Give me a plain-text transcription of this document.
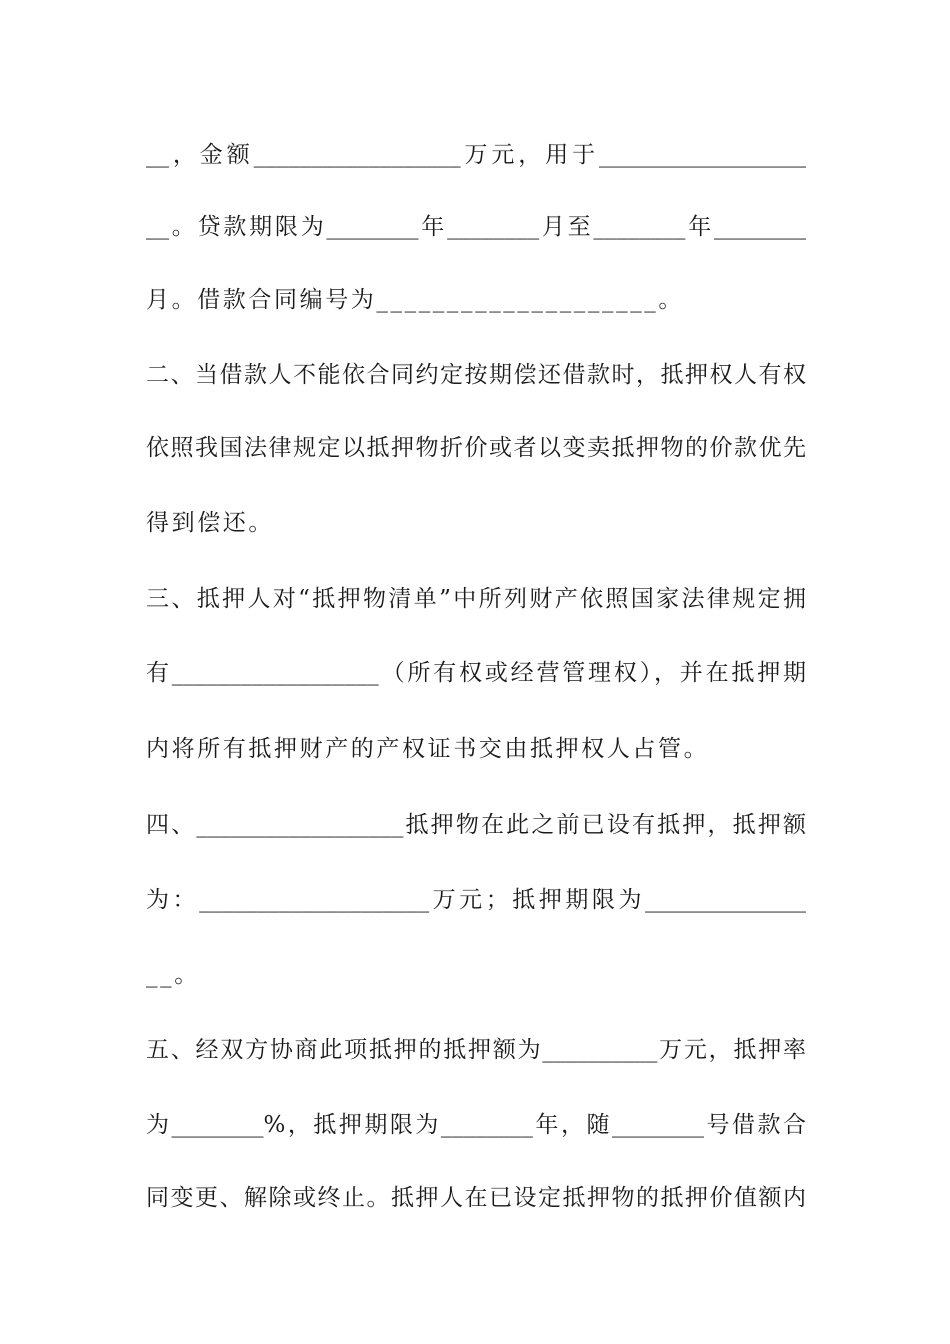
__，金额__________________万元，用于__________________
__。贷款期限为________年________月至________年________
月。借款合同编号为____________________。
二、当借款人不能依合同约定按期偿还借款时，抵押权人有权
依照我国法律规定以抵押物折价或者以变卖抵押物的价款优先
得到偿还。
三、抵押人对“抵押物清单”中所列财产依照国家法律规定拥
有__________________（所有权或经营管理权），并在抵押期
内将所有抵押财产的产权证书交由抵押权人占管。
四、__________________抵押物在此之前已设有抵押，抵押额
为：____________________万元；抵押期限为______________
__。
五、经双方协商此项抵押的抵押额为__________万元，抵押率
为________%，抵押期限为________年，随________号借款合
同变更、解除或终止。抵押人在已设定抵押物的抵押价值额内
